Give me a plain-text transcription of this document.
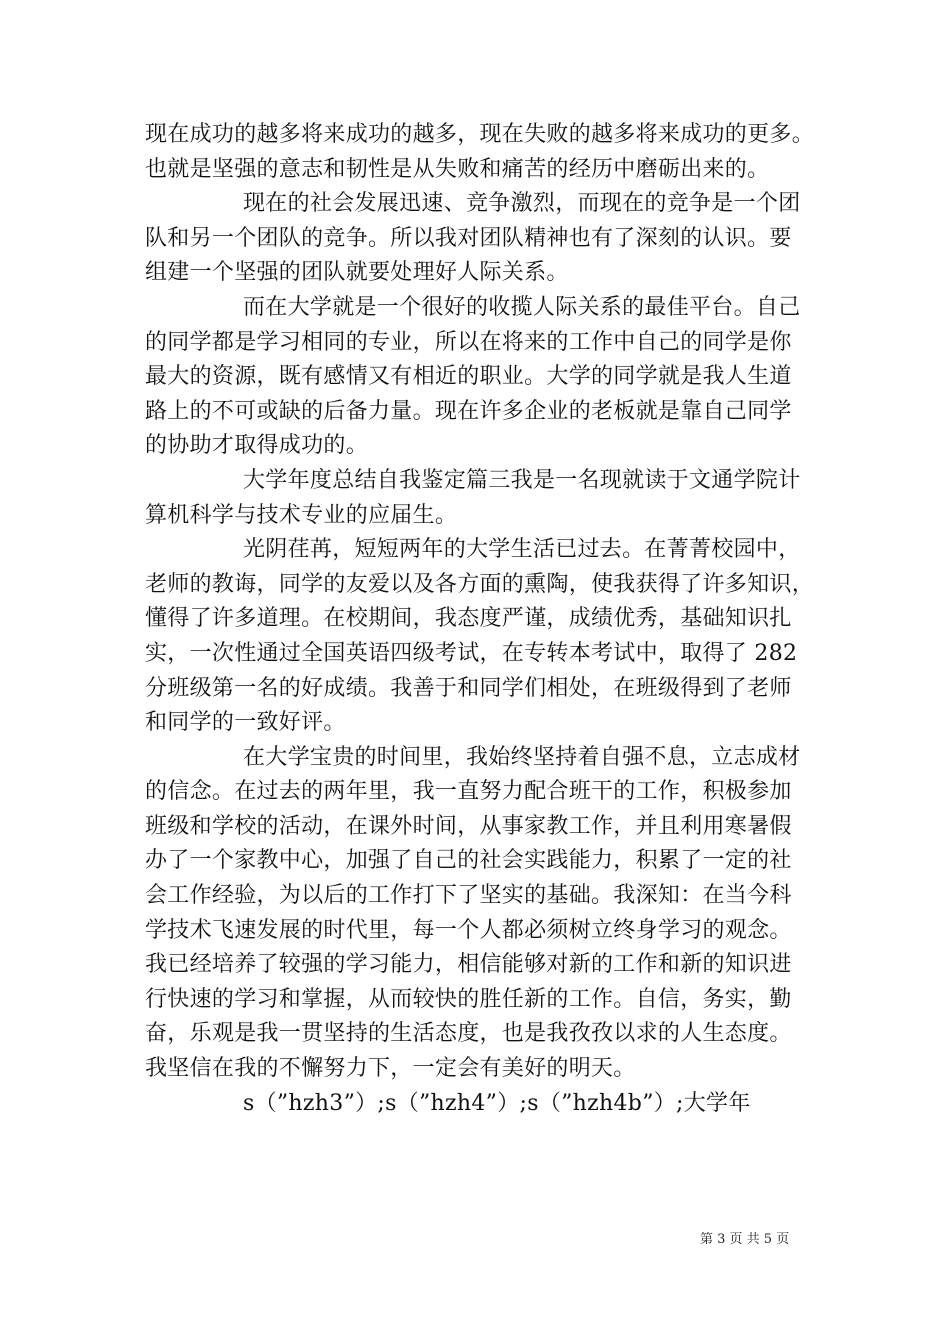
现在成功的越多将来成功的越多，现在失败的越多将来成功的更多。
也就是坚强的意志和韧性是从失败和痛苦的经历中磨砺出来的。
现在的社会发展迅速、竞争激烈，而现在的竞争是一个团
队和另一个团队的竞争。所以我对团队精神也有了深刻的认识。要
组建一个坚强的团队就要处理好人际关系。
而在大学就是一个很好的收揽人际关系的最佳平台。自己
的同学都是学习相同的专业，所以在将来的工作中自己的同学是你
最大的资源，既有感情又有相近的职业。大学的同学就是我人生道
路上的不可或缺的后备力量。现在许多企业的老板就是靠自己同学
的协助才取得成功的。
大学年度总结自我鉴定篇三我是一名现就读于文通学院计
算机科学与技术专业的应届生。
光阴荏苒，短短两年的大学生活已过去。在菁菁校园中，
老师的教诲，同学的友爱以及各方面的熏陶，使我获得了许多知识，
懂得了许多道理。在校期间，我态度严谨，成绩优秀，基础知识扎
实，一次性通过全国英语四级考试，在专转本考试中，取得了 282
分班级第一名的好成绩。我善于和同学们相处，在班级得到了老师
和同学的一致好评。
在大学宝贵的时间里，我始终坚持着自强不息，立志成材
的信念。在过去的两年里，我一直努力配合班干的工作，积极参加
班级和学校的活动，在课外时间，从事家教工作，并且利用寒暑假
办了一个家教中心，加强了自己的社会实践能力，积累了一定的社
会工作经验，为以后的工作打下了坚实的基础。我深知：在当今科
学技术飞速发展的时代里，每一个人都必须树立终身学习的观念。
我已经培养了较强的学习能力，相信能够对新的工作和新的知识进
行快速的学习和掌握，从而较快的胜任新的工作。自信，务实，勤
奋，乐观是我一贯坚持的生活态度，也是我孜孜以求的人生态度。
我坚信在我的不懈努力下，一定会有美好的明天。
s（”hzh3”）;s（”hzh4”）;s（”hzh4b”）;大学年
第 3 页 共 5 页
